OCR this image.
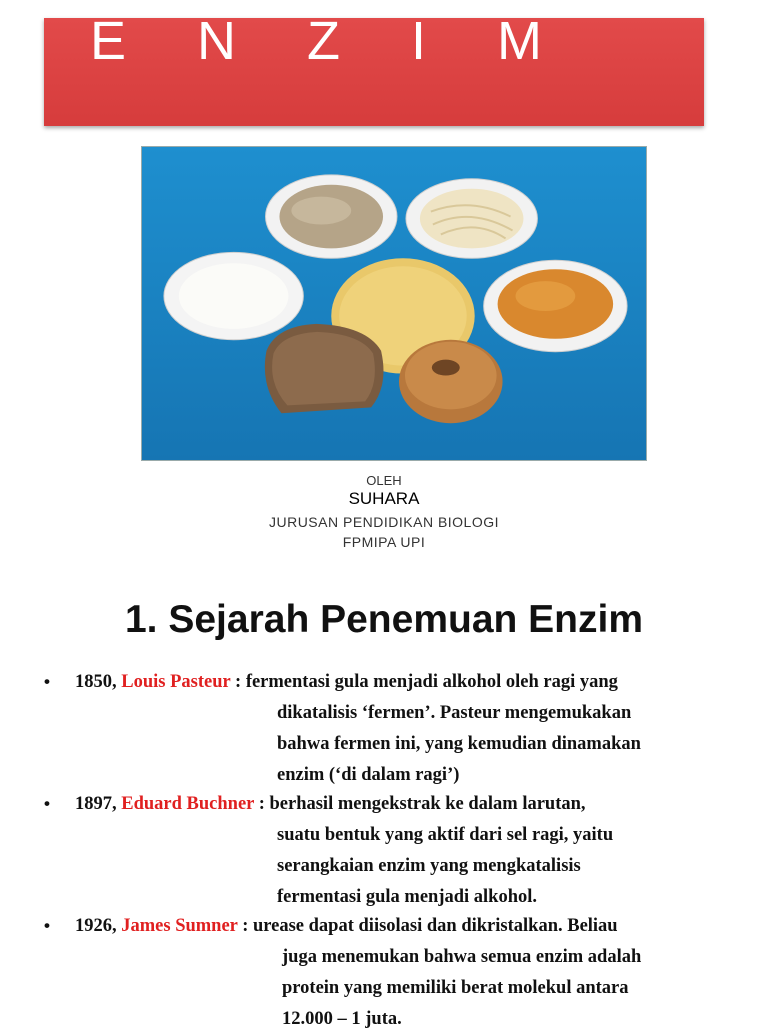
E N Z I M
OLEH
SUHARA
JURUSAN PENDIDIKAN BIOLOGI
FPMIPA UPI
1. Sejarah Penemuan Enzim
• 1850, Louis Pasteur : fermentasi gula menjadi alkohol oleh ragi yang
dikatalisis ‘fermen’. Pasteur mengemukakan
bahwa fermen ini, yang kemudian dinamakan
enzim (‘di dalam ragi’)
• 1897, Eduard Buchner : berhasil mengekstrak ke dalam larutan,
suatu bentuk yang aktif dari sel ragi, yaitu
serangkaian enzim yang mengkatalisis
fermentasi gula menjadi alkohol.
• 1926, James Sumner : urease dapat diisolasi dan dikristalkan. Beliau
juga menemukan bahwa semua enzim adalah
protein yang memiliki berat molekul antara
12.000 – 1 juta.
